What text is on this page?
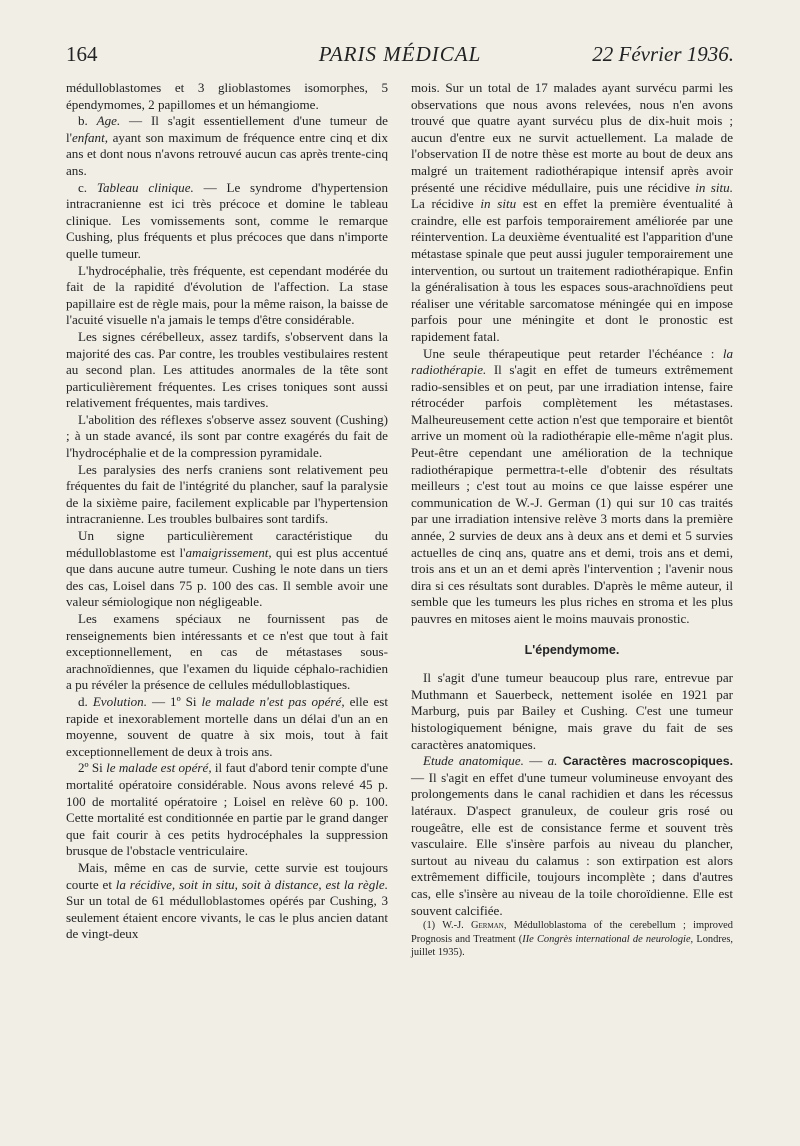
164	PARIS MÉDICAL	22 Février 1936.

médulloblastomes et 3 glioblastomes isomorphes, 5 épendymomes, 2 papillomes et un hémangiome.

b. Age. — Il s'agit essentiellement d'une tumeur de l'enfant, ayant son maximum de fréquence entre cinq et dix ans et dont nous n'avons retrouvé aucun cas après trente-cinq ans.

c. Tableau clinique. — Le syndrome d'hypertension intracranienne est ici très précoce et domine le tableau clinique. Les vomissements sont, comme le remarque Cushing, plus fréquents et plus précoces que dans n'importe quelle tumeur.

L'hydrocéphalie, très fréquente, est cependant modérée du fait de la rapidité d'évolution de l'affection. La stase papillaire est de règle mais, pour la même raison, la baisse de l'acuité visuelle n'a jamais le temps d'être considérable.

Les signes cérébelleux, assez tardifs, s'observent dans la majorité des cas. Par contre, les troubles vestibulaires restent au second plan. Les attitudes anormales de la tête sont particulièrement fréquentes. Les crises toniques sont aussi relativement fréquentes, mais tardives.

L'abolition des réflexes s'observe assez souvent (Cushing) ; à un stade avancé, ils sont par contre exagérés du fait de l'hydrocéphalie et de la compression pyramidale.

Les paralysies des nerfs craniens sont relativement peu fréquentes du fait de l'intégrité du plancher, sauf la paralysie de la sixième paire, facilement explicable par l'hypertension intracranienne. Les troubles bulbaires sont tardifs.

Un signe particulièrement caractéristique du médulloblastome est l'amaigrissement, qui est plus accentué que dans aucune autre tumeur. Cushing le note dans un tiers des cas, Loisel dans 75 p. 100 des cas. Il semble avoir une valeur sémiologique non négligeable.

Les examens spéciaux ne fournissent pas de renseignements bien intéressants et ce n'est que tout à fait exceptionnellement, en cas de métastases sous-arachnoïdiennes, que l'examen du liquide céphalo-rachidien a pu révéler la présence de cellules médulloblastiques.

d. Evolution. — 1º Si le malade n'est pas opéré, elle est rapide et inexorablement mortelle dans un délai d'un an en moyenne, souvent de quatre à six mois, tout à fait exceptionnellement de deux à trois ans.

2º Si le malade est opéré, il faut d'abord tenir compte d'une mortalité opératoire considérable. Nous avons relevé 45 p. 100 de mortalité opératoire ; Loisel en relève 60 p. 100. Cette mortalité est conditionnée en partie par le grand danger que fait courir à ces petits hydrocéphales la suppression brusque de l'obstacle ventriculaire.

Mais, même en cas de survie, cette survie est toujours courte et la récidive, soit in situ, soit à distance, est la règle. Sur un total de 61 médulloblastomes opérés par Cushing, 3 seulement étaient encore vivants, le cas le plus ancien datant de vingt-deux

mois. Sur un total de 17 malades ayant survécu parmi les observations que nous avons relevées, nous n'en avons trouvé que quatre ayant survécu plus de dix-huit mois ; aucun d'entre eux ne survit actuellement. La malade de l'observation II de notre thèse est morte au bout de deux ans malgré un traitement radiothérapique intensif après avoir présenté une récidive médullaire, puis une récidive in situ. La récidive in situ est en effet la première éventualité à craindre, elle est parfois temporairement améliorée par une réintervention. La deuxième éventualité est l'apparition d'une métastase spinale que peut aussi juguler temporairement une intervention, ou surtout un traitement radiothérapique. Enfin la généralisation à tous les espaces sous-arachnoïdiens peut réaliser une véritable sarcomatose méningée qui en impose parfois pour une méningite et dont le pronostic est rapidement fatal.

Une seule thérapeutique peut retarder l'échéance : la radiothérapie. Il s'agit en effet de tumeurs extrêmement radio-sensibles et on peut, par une irradiation intense, faire rétrocéder parfois complètement les métastases. Malheureusement cette action n'est que temporaire et bientôt arrive un moment où la radiothérapie elle-même n'agit plus. Peut-être cependant une amélioration de la technique radiothérapique permettra-t-elle d'obtenir des résultats meilleurs ; c'est tout au moins ce que laisse espérer une communication de W.-J. German (1) qui sur 10 cas traités par une irradiation intensive relève 3 morts dans la première année, 2 survies de deux ans à deux ans et demi et 5 survies actuelles de cinq ans, quatre ans et demi, trois ans et demi, trois ans et un an et demi après l'intervention ; l'avenir nous dira si ces résultats sont durables. D'après le même auteur, il semble que les tumeurs les plus riches en stroma et les plus pauvres en mitoses aient le moins mauvais pronostic.

L'épendymome.

Il s'agit d'une tumeur beaucoup plus rare, entrevue par Muthmann et Sauerbeck, nettement isolée en 1921 par Marburg, puis par Bailey et Cushing. C'est une tumeur histologiquement bénigne, mais grave du fait de ses caractères anatomiques.

Etude anatomique. — a. Caractères macroscopiques. — Il s'agit en effet d'une tumeur volumineuse envoyant des prolongements dans le canal rachidien et dans les récessus latéraux. D'aspect granuleux, de couleur gris rosé ou rougeâtre, elle est de consistance ferme et souvent très vasculaire. Elle s'insère parfois au niveau du plancher, surtout au niveau du calamus : son extirpation est alors extrêmement difficile, toujours incomplète ; dans d'autres cas, elle s'insère au niveau de la toile choroïdienne. Elle est souvent calcifiée.

(1) W.-J. German, Médulloblastoma of the cerebellum ; improved Prognosis and Treatment (IIe Congrès international de neurologie, Londres, juillet 1935).
